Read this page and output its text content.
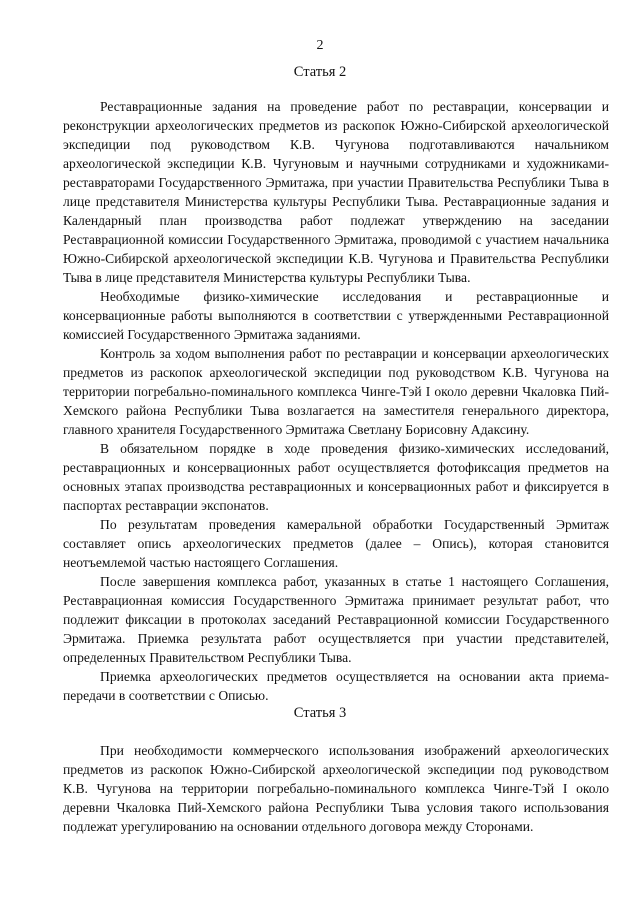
2
Статья 2

Реставрационные задания на проведение работ по реставрации, консервации и реконструкции археологических предметов из раскопок Южно-Сибирской археологической экспедиции под руководством К.В. Чугунова подготавливаются начальником археологической экспедиции К.В. Чугуновым и научными сотрудниками и художниками-реставраторами Государственного Эрмитажа, при участии Правительства Республики Тыва в лице представителя Министерства культуры Республики Тыва. Реставрационные задания и Календарный план производства работ подлежат утверждению на заседании Реставрационной комиссии Государственного Эрмитажа, проводимой с участием начальника Южно-Сибирской археологической экспедиции К.В. Чугунова и Правительства Республики Тыва в лице представителя Министерства культуры Республики Тыва.

Необходимые физико-химические исследования и реставрационные и консервационные работы выполняются в соответствии с утвержденными Реставрационной комиссией Государственного Эрмитажа заданиями.

Контроль за ходом выполнения работ по реставрации и консервации археологических предметов из раскопок археологической экспедиции под руководством К.В. Чугунова на территории погребально-поминального комплекса Чинге-Тэй I около деревни Чкаловка Пий-Хемского района Республики Тыва возлагается на заместителя генерального директора, главного хранителя Государственного Эрмитажа Светлану Борисовну Адаксину.

В обязательном порядке в ходе проведения физико-химических исследований, реставрационных и консервационных работ осуществляется фотофиксация предметов на основных этапах производства реставрационных и консервационных работ и фиксируется в паспортах реставрации экспонатов.

По результатам проведения камеральной обработки Государственный Эрмитаж составляет опись археологических предметов (далее – Опись), которая становится неотъемлемой частью настоящего Соглашения.

После завершения комплекса работ, указанных в статье 1 настоящего Соглашения, Реставрационная комиссия Государственного Эрмитажа принимает результат работ, что подлежит фиксации в протоколах заседаний Реставрационной комиссии Государственного Эрмитажа. Приемка результата работ осуществляется при участии представителей, определенных Правительством Республики Тыва.

Приемка археологических предметов осуществляется на основании акта приема-передачи в соответствии с Описью.

Статья 3

При необходимости коммерческого использования изображений археологических предметов из раскопок Южно-Сибирской археологической экспедиции под руководством К.В. Чугунова на территории погребально-поминального комплекса Чинге-Тэй I около деревни Чкаловка Пий-Хемского района Республики Тыва условия такого использования подлежат урегулированию на основании отдельного договора между Сторонами.
